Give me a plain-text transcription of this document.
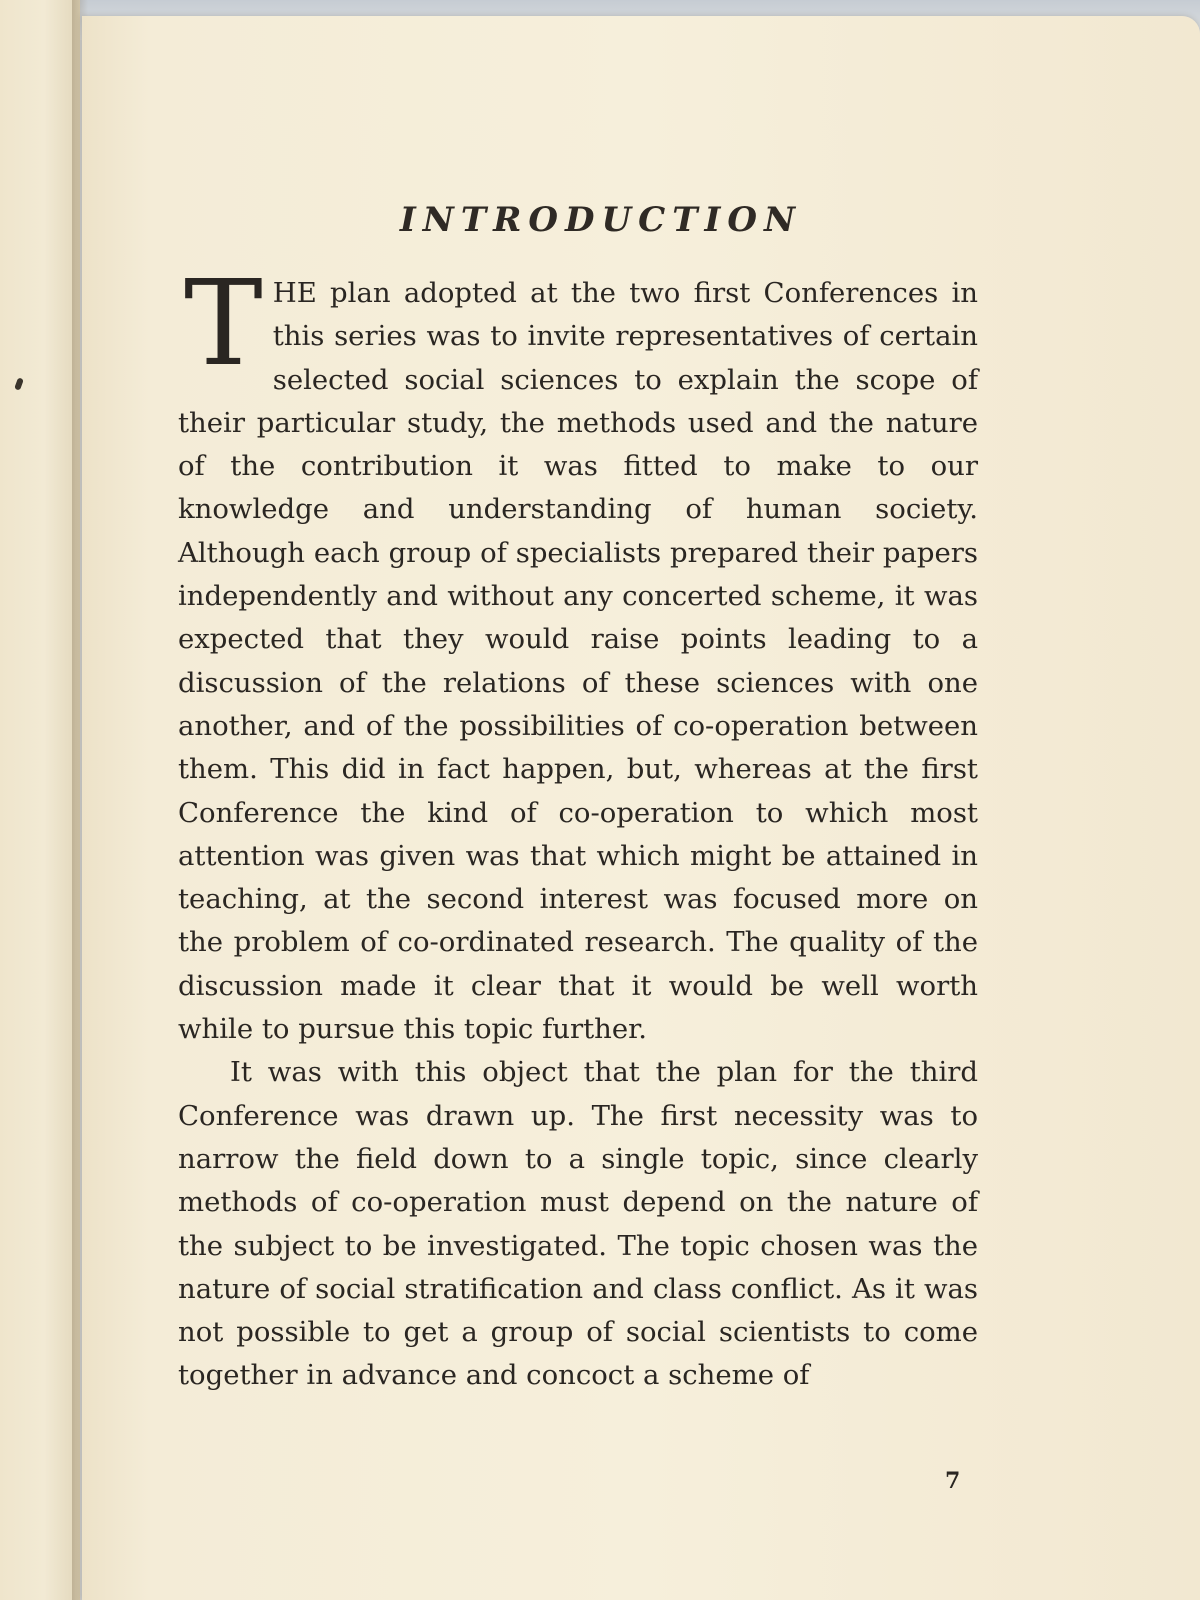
INTRODUCTION

THE plan adopted at the two first Conferences in this series was to invite representatives of certain selected social sciences to explain the scope of their particular study, the methods used and the nature of the contribution it was fitted to make to our knowledge and understanding of human society. Although each group of specialists prepared their papers independently and without any concerted scheme, it was expected that they would raise points leading to a discussion of the relations of these sciences with one another, and of the possibilities of co-operation between them. This did in fact happen, but, whereas at the first Conference the kind of co-operation to which most attention was given was that which might be attained in teaching, at the second interest was focused more on the problem of co-ordinated research. The quality of the discussion made it clear that it would be well worth while to pursue this topic further.

It was with this object that the plan for the third Conference was drawn up. The first necessity was to narrow the field down to a single topic, since clearly methods of co-operation must depend on the nature of the subject to be investigated. The topic chosen was the nature of social stratification and class conflict. As it was not possible to get a group of social scientists to come together in advance and concoct a scheme of

7
